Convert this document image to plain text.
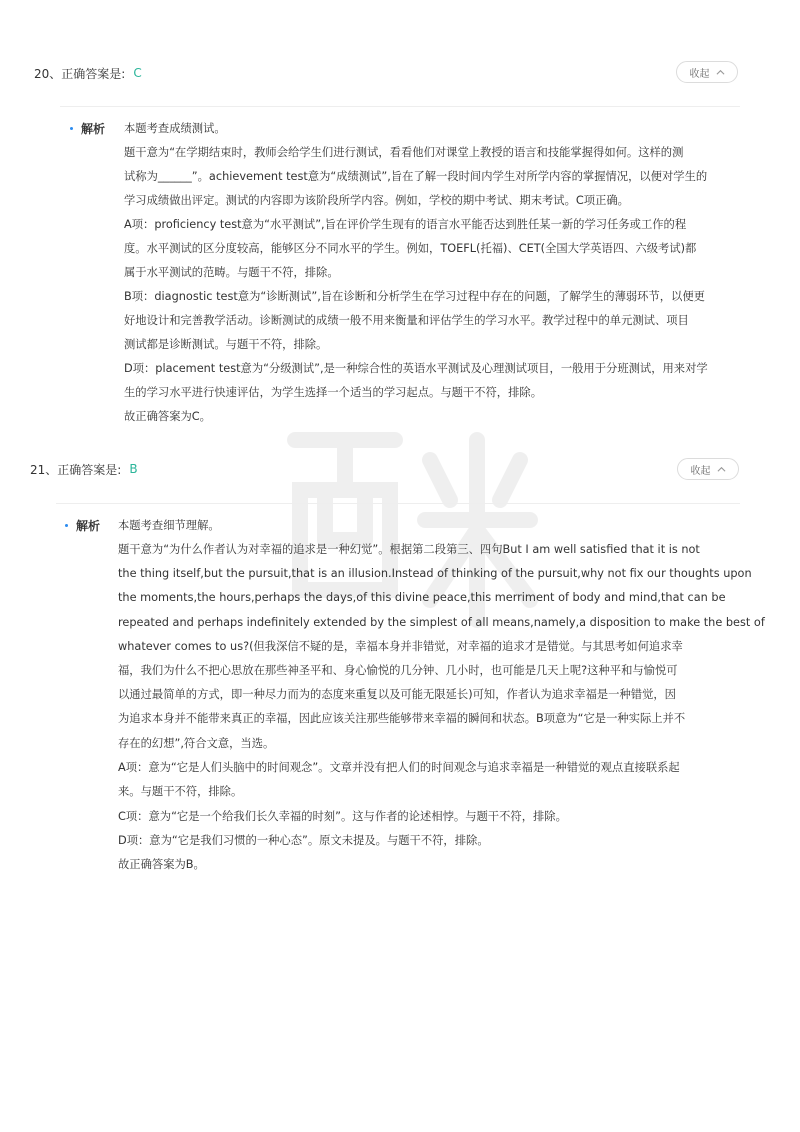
20、正确答案是: C	收起
解析 本题考查成绩测试。

题干意为“在学期结束时，教师会给学生们进行测试，看看他们对课堂上教授的语言和技能掌握得如何。这样的测
试称为______”。achievement test意为“成绩测试”,旨在了解一段时间内学生对所学内容的掌握情况，以便对学生的
学习成绩做出评定。测试的内容即为该阶段所学内容。例如，学校的期中考试、期末考试。C项正确。

A项：proficiency test意为“水平测试”,旨在评价学生现有的语言水平能否达到胜任某一新的学习任务或工作的程
度。水平测试的区分度较高，能够区分不同水平的学生。例如，TOEFL(托福)、CET(全国大学英语四、六级考试)都
属于水平测试的范畴。与题干不符，排除。

B项：diagnostic test意为“诊断测试”,旨在诊断和分析学生在学习过程中存在的问题，了解学生的薄弱环节，以便更
好地设计和完善教学活动。诊断测试的成绩一般不用来衡量和评估学生的学习水平。教学过程中的单元测试、项目
测试都是诊断测试。与题干不符，排除。

D项：placement test意为“分级测试”,是一种综合性的英语水平测试及心理测试项目，一般用于分班测试，用来对学
生的学习水平进行快速评估，为学生选择一个适当的学习起点。与题干不符，排除。

故正确答案为C。

21、正确答案是: B	收起
解析 本题考查细节理解。

题干意为“为什么作者认为对幸福的追求是一种幻觉”。根据第二段第三、四句But I am well satisfied that it is not
the thing itself,but the pursuit,that is an illusion.Instead of thinking of the pursuit,why not fix our thoughts upon
the moments,the hours,perhaps the days,of this divine peace,this merriment of body and mind,that can be
repeated and perhaps indefinitely extended by the simplest of all means,namely,a disposition to make the best of
whatever comes to us?(但我深信不疑的是，幸福本身并非错觉，对幸福的追求才是错觉。与其思考如何追求幸
福，我们为什么不把心思放在那些神圣平和、身心愉悦的几分钟、几小时，也可能是几天上呢?这种平和与愉悦可
以通过最简单的方式，即一种尽力而为的态度来重复以及可能无限延长)可知，作者认为追求幸福是一种错觉，因
为追求本身并不能带来真正的幸福，因此应该关注那些能够带来幸福的瞬间和状态。B项意为“它是一种实际上并不
存在的幻想”,符合文意，当选。

A项：意为“它是人们头脑中的时间观念”。文章并没有把人们的时间观念与追求幸福是一种错觉的观点直接联系起
来。与题干不符，排除。

C项：意为“它是一个给我们长久幸福的时刻”。这与作者的论述相悖。与题干不符，排除。

D项：意为“它是我们习惯的一种心态”。原文未提及。与题干不符，排除。

故正确答案为B。
